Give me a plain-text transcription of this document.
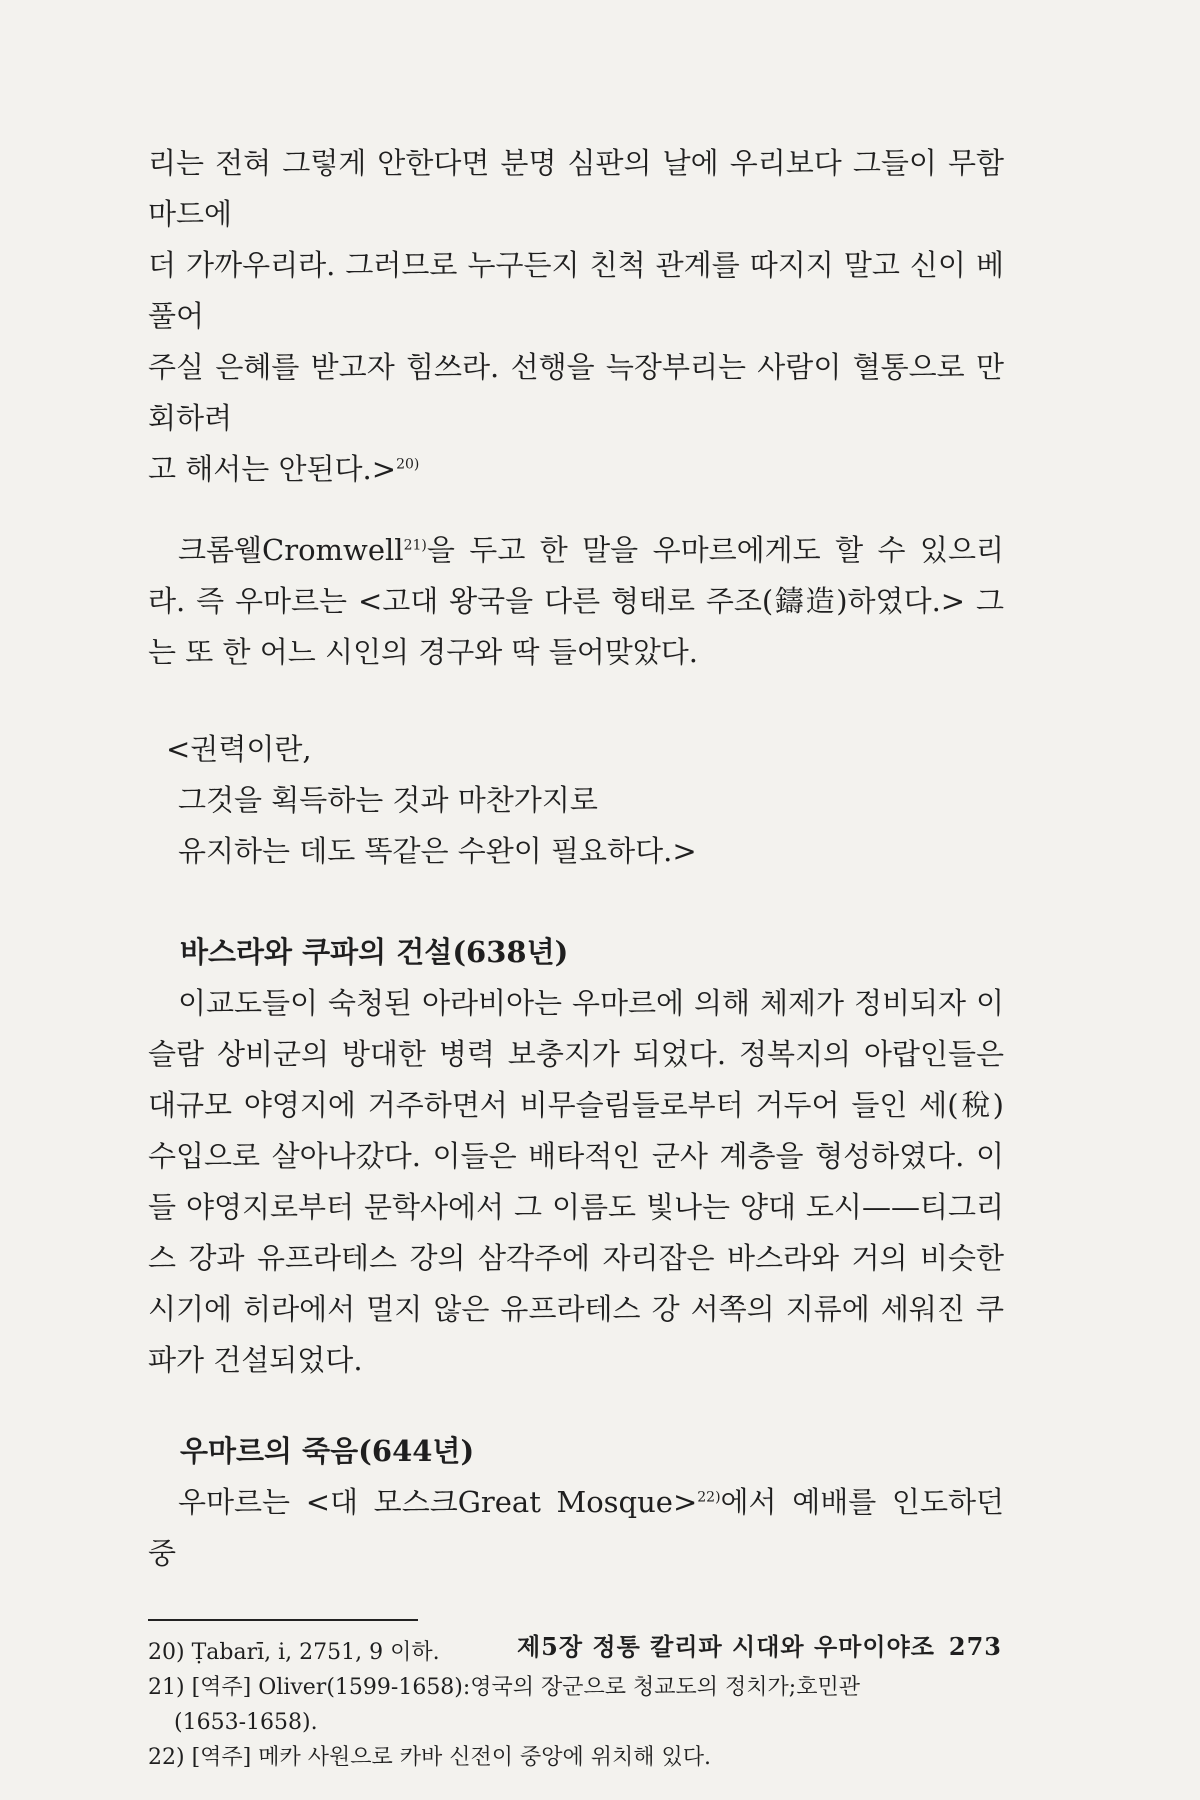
리는 전혀 그렇게 안한다면 분명 심판의 날에 우리보다 그들이 무함마드에

더 가까우리라. 그러므로 누구든지 친척 관계를 따지지 말고 신이 베풀어

주실 은혜를 받고자 힘쓰라. 선행을 늑장부리는 사람이 혈통으로 만회하려

고 해서는 안된다.>$^{20)}$

크롬웰Cromwell$^{21)}$을 두고 한 말을 우마르에게도 할 수 있으리라. 즉 우마르는 <고대 왕국을 다른 형태로 주조(鑄造)하였다.> 그는 또 한 어느 시인의 경구와 딱 들어맞았다.
<권력이란,
그것을 획득하는 것과 마찬가지로
유지하는 데도 똑같은 수완이 필요하다.>
바스라와 쿠파의 건설(638년)

이교도들이 숙청된 아라비아는 우마르에 의해 체제가 정비되자 이슬람 상비군의 방대한 병력 보충지가 되었다. 정복지의 아랍인들은 대규모 야영지에 거주하면서 비무슬림들로부터 거두어 들인 세(稅) 수입으로 살아나갔다. 이들은 배타적인 군사 계층을 형성하였다. 이들 야영지로부터 문학사에서 그 이름도 빛나는 양대 도시——티그리스 강과 유프라테스 강의 삼각주에 자리잡은 바스라와 거의 비슷한 시기에 히라에서 멀지 않은 유프라테스 강 서쪽의 지류에 세워진 쿠파가 건설되었다.

우마르의 죽음(644년)

우마르는 <대 모스크Great Mosque>$^{22)}$에서 예배를 인도하던 중

20) Ṭabarī, i, 2751, 9 이하.
21) [역주] Oliver(1599-1658):영국의 장군으로 청교도의 정치가;호민관
(1653-1658).
22) [역주] 메카 사원으로 카바 신전이 중앙에 위치해 있다.
제5장 정통 칼리파 시대와 우마이야조 273
